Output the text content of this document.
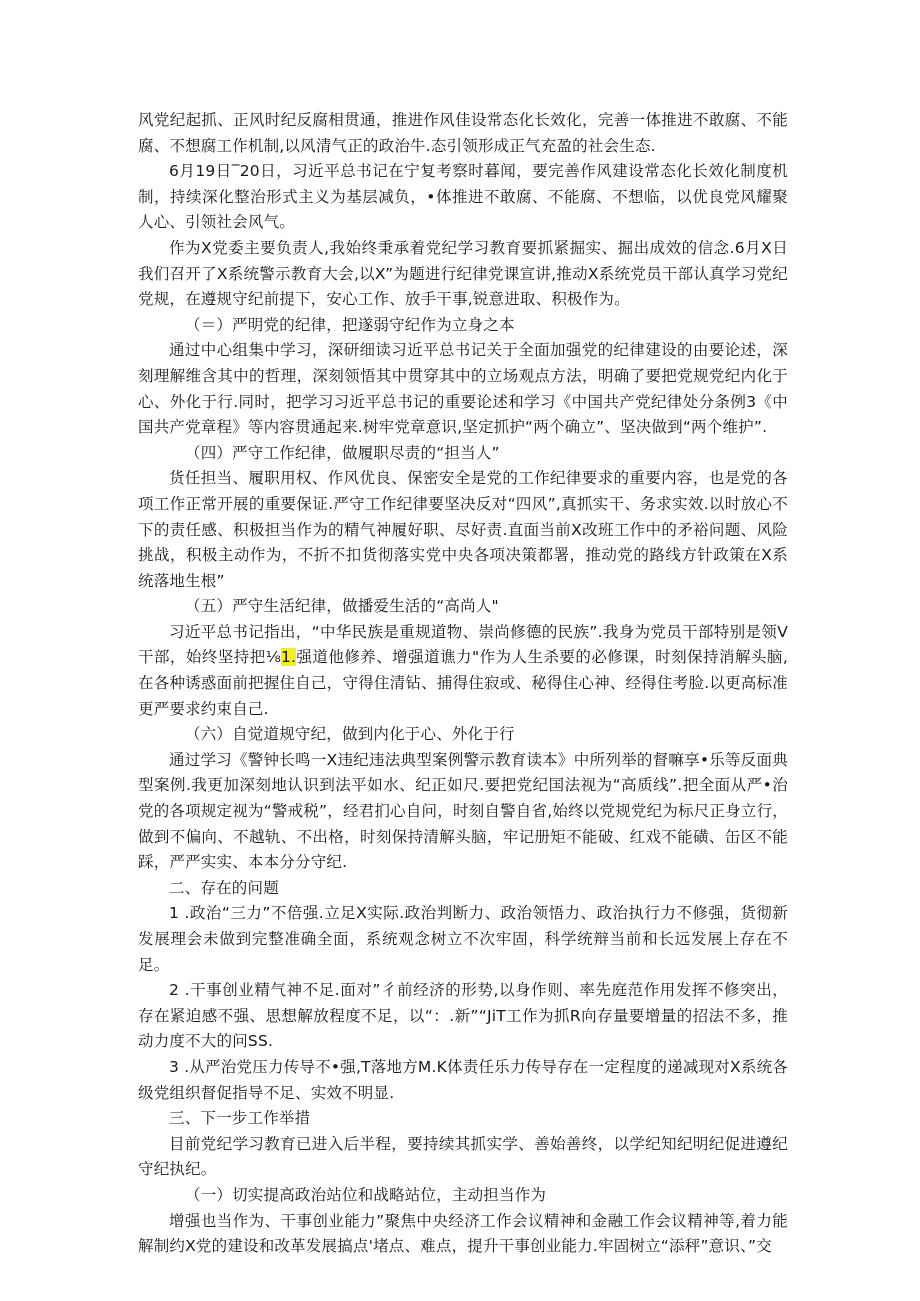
风党纪起抓、正风时纪反腐相贯通，推进作风佳设常态化长效化，完善一体推进不敢腐、不能腐、不想腐工作机制,以风清气正的政治牛.态引领形成正气充盈的社会生态.

6月19日‾20日，习近平总书记在宁复考察时暮闻，要完善作风建设常态化长效化制度机制，持续深化整治形式主义为基层减负，•体推进不敢腐、不能腐、不想临，以优良党风耀聚人心、引领社会风气。

作为X党委主要负责人,我始终秉承着党纪学习教育要抓紧掘实、掘出成效的信念.6月X日我们召开了X系统警示教育大会,以X”为题进行纪律党课宣讲,推动X系统党员干部认真学习党纪党规，在遵规守纪前提下，安心工作、放手干事,锐意进取、积极作为。

（＝）严明党的纪律，把遂弱守纪作为立身之本

通过中心组集中学习，深研细读习近平总书记关于全面加强党的纪律建设的由要论述，深刻理解维含其中的哲理，深刻领悟其中贯穿其中的立场观点方法，明确了要把党规党纪内化于心、外化于行.同时，把学习习近平总书记的重要论述和学习《中国共产党纪律处分条例3《中国共产党章程》等内容贯通起来.树牢党章意识,坚定抓护“两个确立”、坚决做到“两个维护”.

（四）严守工作纪律，做履职尽责的“担当人”

货任担当、履职用权、作风优良、保密安全是党的工作纪律要求的重要内容，也是党的各项工作正常开展的重要保证.严守工作纪律要坚决反对“四风”,真抓实干、务求实效.以时放心不下的责任感、积极担当作为的精气神履好职、尽好责.直面当前X改班工作中的矛裕问题、风险挑战，积极主动作为，不折不扣货彻落实党中央各项决策都署，推动党的路线方针政策在X系统落地生根”

（五）严守生活纪律，做播爱生活的“高尚人"

习近平总书记指出，“中华民族是重规道物、崇尚修德的民族”.我身为党员干部特别是领V干部，始终坚持把⅛1.强道他修养、增强道谯力"作为人生杀要的必修课，时刻保持消解头脑,在各种诱惑面前把握住自己，守得住清钻、捕得住寂或、秘得住心神、经得住考脸.以更高标准更严要求约束自己.

（六）自觉道规守纪，做到内化于心、外化于行

通过学习《警钟长鸣一X违纪违法典型案例警示教育读本》中所列举的督嘛享•乐等反面典型案例.我更加深刻地认识到法平如水、纪正如尺.要把党纪国法视为“高质线”.把全面从严•治党的各项规定视为“警戒税”，经君扪心自问，时刻自警自省,始终以党规党纪为标尺正身立行，做到不偏向、不越轨、不出格，时刻保持清解头脑，牢记册矩不能破、红戏不能磺、缶区不能踩，严严实实、本本分分守纪.

二、存在的问题

1 .政治“三力”不倍强.立足X实际.政治判断力、政治领悟力、政治执行力不修强，货彻新发展理会未做到完整准确全面，系统观念树立不次牢固，科学统辩当前和长远发展上存在不足。

2 .干事创业精气神不足.面对”彳前经济的形势,以身作则、率先庭范作用发挥不修突出，存在紧迫感不强、思想解放程度不足，以“：.新”“JiT工作为抓R向存量要增量的招法不多，推动力度不大的问SS.

3 .从严治党压力传导不•强,T落地方M.K体责任乐力传导存在一定程度的递减现对X系统各级党组织督促指导不足、实效不明显.

三、下一步工作举措

目前党纪学习教育已进入后半程，要持续其抓实学、善始善终，以学纪知纪明纪促进遵纪守纪执纪。

（一）切实提高政治站位和战略站位，主动担当作为

增强也当作为、干事创业能力”聚焦中央经济工作会议精神和金融工作会议精神等,着力能解制约X党的建设和改革发展搞点'堵点、难点，提升干事创业能力.牢固树立“添秤”意识、”交
